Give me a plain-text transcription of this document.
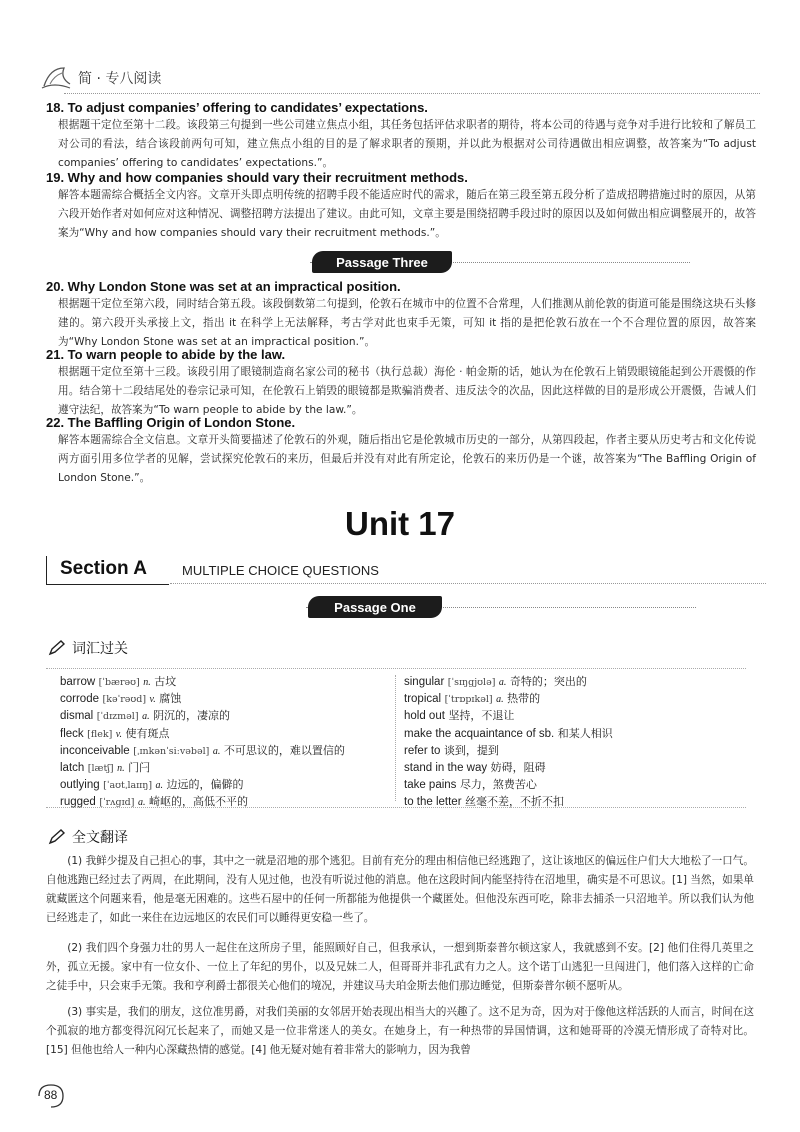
简 · 专八阅读
18. To adjust companies’ offering to candidates’ expectations.
根据题干定位至第十二段。该段第三句提到一些公司建立焦点小组，其任务包括评估求职者的期待，将本公司的待遇与竞争对手进行比较和了解员工对公司的看法，结合该段前两句可知，建立焦点小组的目的是了解求职者的预期，并以此为根据对公司待遇做出相应调整，故答案为“To adjust companies’ offering to candidates’ expectations.”。
19. Why and how companies should vary their recruitment methods.
解答本题需综合概括全文内容。文章开头即点明传统的招聘手段不能适应时代的需求，随后在第三段至第五段分析了造成招聘措施过时的原因，从第六段开始作者对如何应对这种情况、调整招聘方法提出了建议。由此可知，文章主要是围绕招聘手段过时的原因以及如何做出相应调整展开的，故答案为“Why and how companies should vary their recruitment methods.”。
Passage Three
20. Why London Stone was set at an impractical position.
根据题干定位至第六段，同时结合第五段。该段倒数第二句提到，伦敦石在城市中的位置不合常理，人们推测从前伦敦的街道可能是围绕这块石头修建的。第六段开头承接上文，指出 it 在科学上无法解释，考古学对此也束手无策，可知 it 指的是把伦敦石放在一个不合理位置的原因，故答案为“Why London Stone was set at an impractical position.”。
21. To warn people to abide by the law.
根据题干定位至第十三段。该段引用了眼镜制造商名家公司的秘书（执行总裁）海伦 · 帕金斯的话，她认为在伦敦石上销毁眼镜能起到公开震慑的作用。结合第十二段结尾处的卷宗记录可知，在伦敦石上销毁的眼镜都是欺骗消费者、违反法令的次品，因此这样做的目的是形成公开震慑，告诫人们遵守法纪，故答案为“To warn people to abide by the law.”。
22. The Baffling Origin of London Stone.
解答本题需综合全文信息。文章开头简要描述了伦敦石的外观，随后指出它是伦敦城市历史的一部分，从第四段起，作者主要从历史考古和文化传说两方面引用多位学者的见解，尝试探究伦敦石的来历，但最后并没有对此有所定论，伦敦石的来历仍是一个谜，故答案为“The Baffling Origin of London Stone.”。
Unit 17
Section A	MULTIPLE CHOICE QUESTIONS
Passage One
词汇过关
barrow [ˈbærəʊ] n. 古坟
corrode [kəˈrəʊd] v. 腐蚀
dismal [ˈdɪzməl] a. 阴沉的，凄凉的
fleck [flek] v. 使有斑点
inconceivable [ˌɪnkənˈsiːvəbəl] a. 不可思议的，难以置信的
latch [lætʃ] n. 门闩
outlying [ˈaʊtˌlaɪɪŋ] a. 边远的，偏僻的
rugged [ˈrʌgɪd] a. 崎岖的，高低不平的
singular [ˈsɪŋgjʊlə] a. 奇特的；突出的
tropical [ˈtrɒpɪkəl] a. 热带的
hold out 坚持，不退让
make the acquaintance of sb. 和某人相识
refer to 谈到，提到
stand in the way 妨碍，阻碍
take pains 尽力，煞费苦心
to the letter 丝毫不差，不折不扣
全文翻译
(1) 我鲜少提及自己担心的事，其中之一就是沼地的那个逃犯。目前有充分的理由相信他已经逃跑了，这让该地区的偏远住户们大大地松了一口气。自他逃跑已经过去了两周，在此期间，没有人见过他，也没有听说过他的消息。他在这段时间内能坚持待在沼地里，确实是不可思议。[1] 当然，如果单就藏匿这个问题来看，他是毫无困难的。这些石屋中的任何一所都能为他提供一个藏匿处。但他没东西可吃，除非去捕杀一只沼地羊。所以我们认为他已经逃走了，如此一来住在边远地区的农民们可以睡得更安稳一些了。
(2) 我们四个身强力壮的男人一起住在这所房子里，能照顾好自己，但我承认，一想到斯泰普尔顿这家人，我就感到不安。[2] 他们住得几英里之外，孤立无援。家中有一位女仆、一位上了年纪的男仆，以及兄妹二人，但哥哥并非孔武有力之人。这个诺丁山逃犯一旦闯进门，他们落入这样的亡命之徒手中，只会束手无策。我和亨利爵士都很关心他们的境况，并建议马夫珀金斯去他们那边睡觉，但斯泰普尔顿不愿听从。
(3) 事实是，我们的朋友，这位准男爵，对我们美丽的女邻居开始表现出相当大的兴趣了。这不足为奇，因为对于像他这样活跃的人而言，时间在这个孤寂的地方都变得沉闷冗长起来了，而她又是一位非常迷人的美女。在她身上，有一种热带的异国情调，这和她哥哥的冷漠无情形成了奇特对比。[15] 但他也给人一种内心深藏热情的感觉。[4] 他无疑对她有着非常大的影响力，因为我曾
88
